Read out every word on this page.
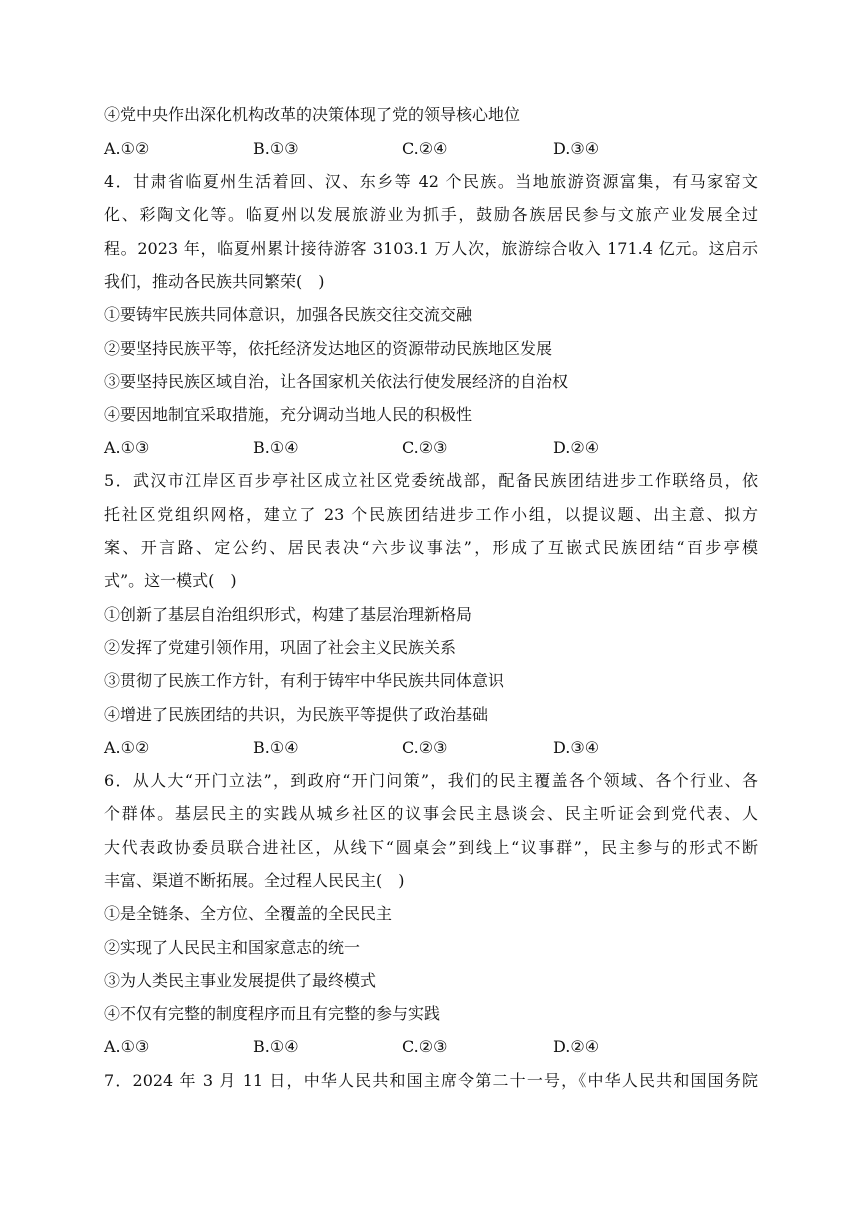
④党中央作出深化机构改革的决策体现了党的领导核心地位
A.①②	B.①③	C.②④	D.③④
4．甘肃省临夏州生活着回、汉、东乡等 42 个民族。当地旅游资源富集，有马家窑文
化、彩陶文化等。临夏州以发展旅游业为抓手，鼓励各族居民参与文旅产业发展全过
程。2023 年，临夏州累计接待游客 3103.1 万人次，旅游综合收入 171.4 亿元。这启示
我们，推动各民族共同繁荣(　)
①要铸牢民族共同体意识，加强各民族交往交流交融
②要坚持民族平等，依托经济发达地区的资源带动民族地区发展
③要坚持民族区域自治，让各国家机关依法行使发展经济的自治权
④要因地制宜采取措施，充分调动当地人民的积极性
A.①③	B.①④	C.②③	D.②④
5．武汉市江岸区百步亭社区成立社区党委统战部，配备民族团结进步工作联络员，依
托社区党组织网格，建立了 23 个民族团结进步工作小组，以提议题、出主意、拟方
案、开言路、定公约、居民表决“六步议事法”，形成了互嵌式民族团结“百步亭模
式”。这一模式(　)
①创新了基层自治组织形式，构建了基层治理新格局
②发挥了党建引领作用，巩固了社会主义民族关系
③贯彻了民族工作方针，有利于铸牢中华民族共同体意识
④增进了民族团结的共识，为民族平等提供了政治基础
A.①②	B.①④	C.②③	D.③④
6．从人大“开门立法”，到政府“开门问策”，我们的民主覆盖各个领域、各个行业、各
个群体。基层民主的实践从城乡社区的议事会民主恳谈会、民主听证会到党代表、人
大代表政协委员联合进社区，从线下“圆桌会”到线上“议事群”，民主参与的形式不断
丰富、渠道不断拓展。全过程人民民主(　)
①是全链条、全方位、全覆盖的全民民主
②实现了人民民主和国家意志的统一
③为人类民主事业发展提供了最终模式
④不仅有完整的制度程序而且有完整的参与实践
A.①③	B.①④	C.②③	D.②④
7．2024 年 3 月 11 日，中华人民共和国主席令第二十一号，《中华人民共和国国务院
